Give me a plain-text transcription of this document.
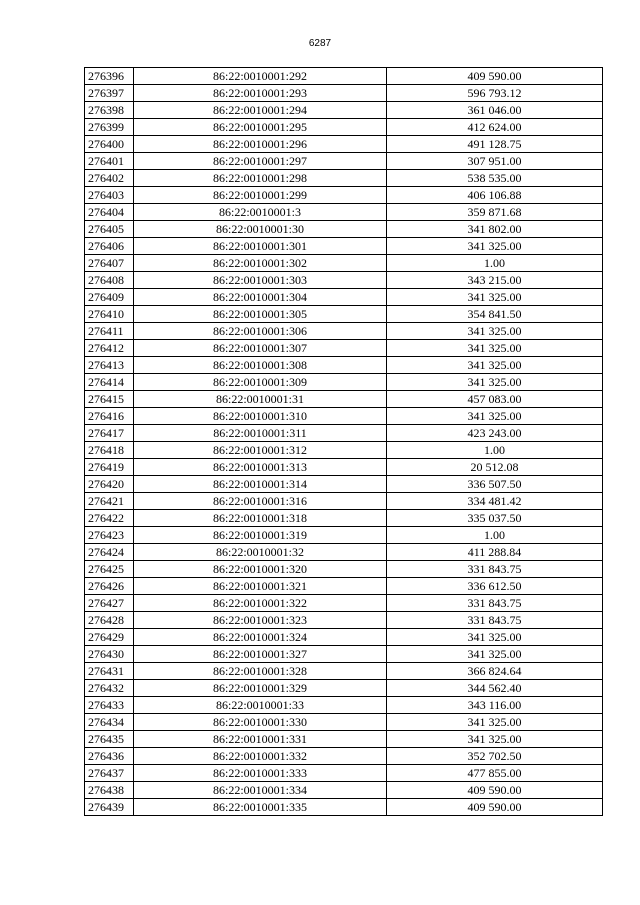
6287
276396	86:22:0010001:292	409 590.00
276397	86:22:0010001:293	596 793.12
276398	86:22:0010001:294	361 046.00
276399	86:22:0010001:295	412 624.00
276400	86:22:0010001:296	491 128.75
276401	86:22:0010001:297	307 951.00
276402	86:22:0010001:298	538 535.00
276403	86:22:0010001:299	406 106.88
276404	86:22:0010001:3	359 871.68
276405	86:22:0010001:30	341 802.00
276406	86:22:0010001:301	341 325.00
276407	86:22:0010001:302	1.00
276408	86:22:0010001:303	343 215.00
276409	86:22:0010001:304	341 325.00
276410	86:22:0010001:305	354 841.50
276411	86:22:0010001:306	341 325.00
276412	86:22:0010001:307	341 325.00
276413	86:22:0010001:308	341 325.00
276414	86:22:0010001:309	341 325.00
276415	86:22:0010001:31	457 083.00
276416	86:22:0010001:310	341 325.00
276417	86:22:0010001:311	423 243.00
276418	86:22:0010001:312	1.00
276419	86:22:0010001:313	20 512.08
276420	86:22:0010001:314	336 507.50
276421	86:22:0010001:316	334 481.42
276422	86:22:0010001:318	335 037.50
276423	86:22:0010001:319	1.00
276424	86:22:0010001:32	411 288.84
276425	86:22:0010001:320	331 843.75
276426	86:22:0010001:321	336 612.50
276427	86:22:0010001:322	331 843.75
276428	86:22:0010001:323	331 843.75
276429	86:22:0010001:324	341 325.00
276430	86:22:0010001:327	341 325.00
276431	86:22:0010001:328	366 824.64
276432	86:22:0010001:329	344 562.40
276433	86:22:0010001:33	343 116.00
276434	86:22:0010001:330	341 325.00
276435	86:22:0010001:331	341 325.00
276436	86:22:0010001:332	352 702.50
276437	86:22:0010001:333	477 855.00
276438	86:22:0010001:334	409 590.00
276439	86:22:0010001:335	409 590.00
